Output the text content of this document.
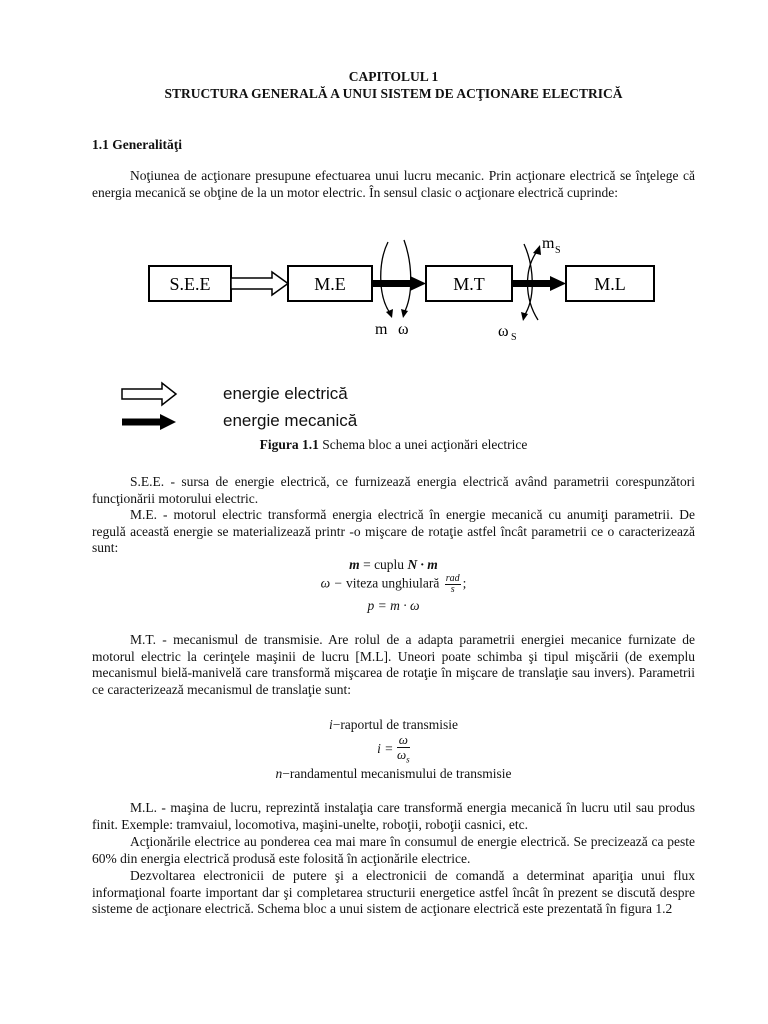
CAPITOLUL 1
STRUCTURA GENERALĂ A UNUI SISTEM DE ACŢIONARE ELECTRICĂ
1.1 Generalităţi
Noţiunea de acţionare presupune efectuarea unui lucru mecanic. Prin acţionare electrică se înţelege că energia mecanică se obţine de la un motor electric. În sensul clasic o acţionare electrică cuprinde:
S.E.E	M.E	M.T	M.L
m ω
m S
ω S
energie electrică
energie mecanică
Figura 1.1 Schema bloc a unei acţionări electrice
S.E.E. - sursa de energie electrică, ce furnizează energia electrică având parametrii corespunzători funcţionării motorului electric.
M.E. - motorul electric transformă energia electrică în energie mecanică cu anumiţi parametrii. De regulă această energie se materializează printr -o mişcare de rotaţie astfel încât parametrii ce o caracterizează sunt:
m = cuplu N · m
ω − viteza unghiulară $\frac{\text{rad}}{s}$ ;
p = m · ω
M.T. - mecanismul de transmisie. Are rolul de a adapta parametrii energiei mecanice furnizate de motorul electric la cerinţele maşinii de lucru [M.L]. Uneori poate schimba şi tipul mişcării (de exemplu mecanismul bielă-manivelă care transformă mişcarea de rotaţie în mişcare de translaţie sau invers). Parametrii ce caracterizează mecanismul de translaţie sunt:
i−raportul de transmisie
$i = \frac{\omega}{\omega_s}$
n−randamentul mecanismului de transmisie
M.L. - maşina de lucru, reprezintă instalaţia care transformă energia mecanică în lucru util sau produs finit. Exemple: tramvaiul, locomotiva, maşini-unelte, roboţii, roboţii casnici, etc.
Acţionările electrice au ponderea cea mai mare în consumul de energie electrică. Se precizează ca peste 60% din energia electrică produsă este folosită în acţionările electrice.
Dezvoltarea electronicii de putere şi a electronicii de comandă a determinat apariţia unui flux informaţional foarte important dar şi completarea structurii energetice astfel încât în prezent se discută despre sisteme de acţionare electrică. Schema bloc a unui sistem de acţionare electrică este prezentată în figura 1.2
